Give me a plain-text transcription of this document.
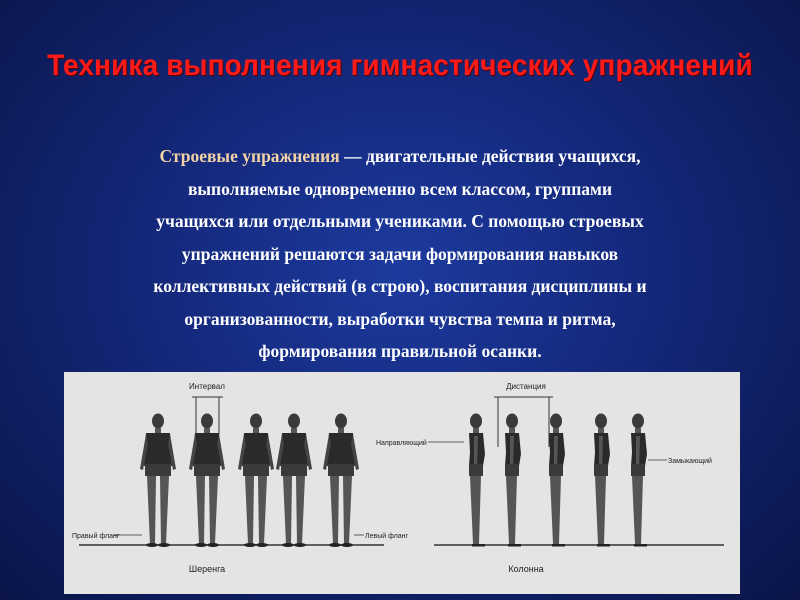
Техника выполнения гимнастических упражнений

Строевые упражнения — двигательные действия учащихся,
выполняемые одновременно всем классом, группами
учащихся или отдельными учениками. С помощью строевых
упражнений решаются задачи формирования навыков
коллективных действий (в строю), воспитания дисциплины и
организованности, выработки чувства темпа и ритма,
формирования правильной осанки.

Интервал
Шеренга
Правый фланг	Левый фланг
Дистанция
Колонна
Направляющий
Замыкающий
